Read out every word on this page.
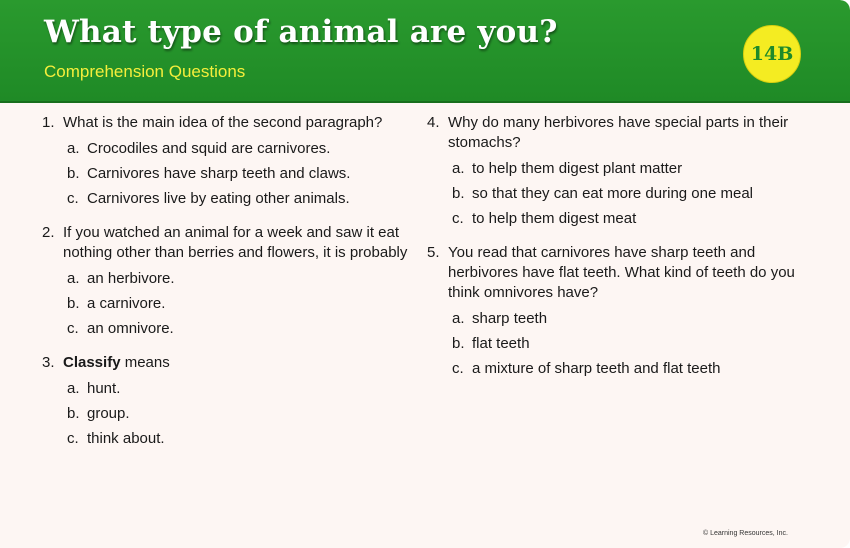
What type of animal are you?
Comprehension Questions
14B
1. What is the main idea of the second paragraph?
a. Crocodiles and squid are carnivores.
b. Carnivores have sharp teeth and claws.
c. Carnivores live by eating other animals.
2. If you watched an animal for a week and saw it eat nothing other than berries and flowers, it is probably
a. an herbivore.
b. a carnivore.
c. an omnivore.
3. Classify means
a. hunt.
b. group.
c. think about.
4. Why do many herbivores have special parts in their stomachs?
a. to help them digest plant matter
b. so that they can eat more during one meal
c. to help them digest meat
5. You read that carnivores have sharp teeth and herbivores have flat teeth. What kind of teeth do you think omnivores have?
a. sharp teeth
b. flat teeth
c. a mixture of sharp teeth and flat teeth
© Learning Resources, Inc.
